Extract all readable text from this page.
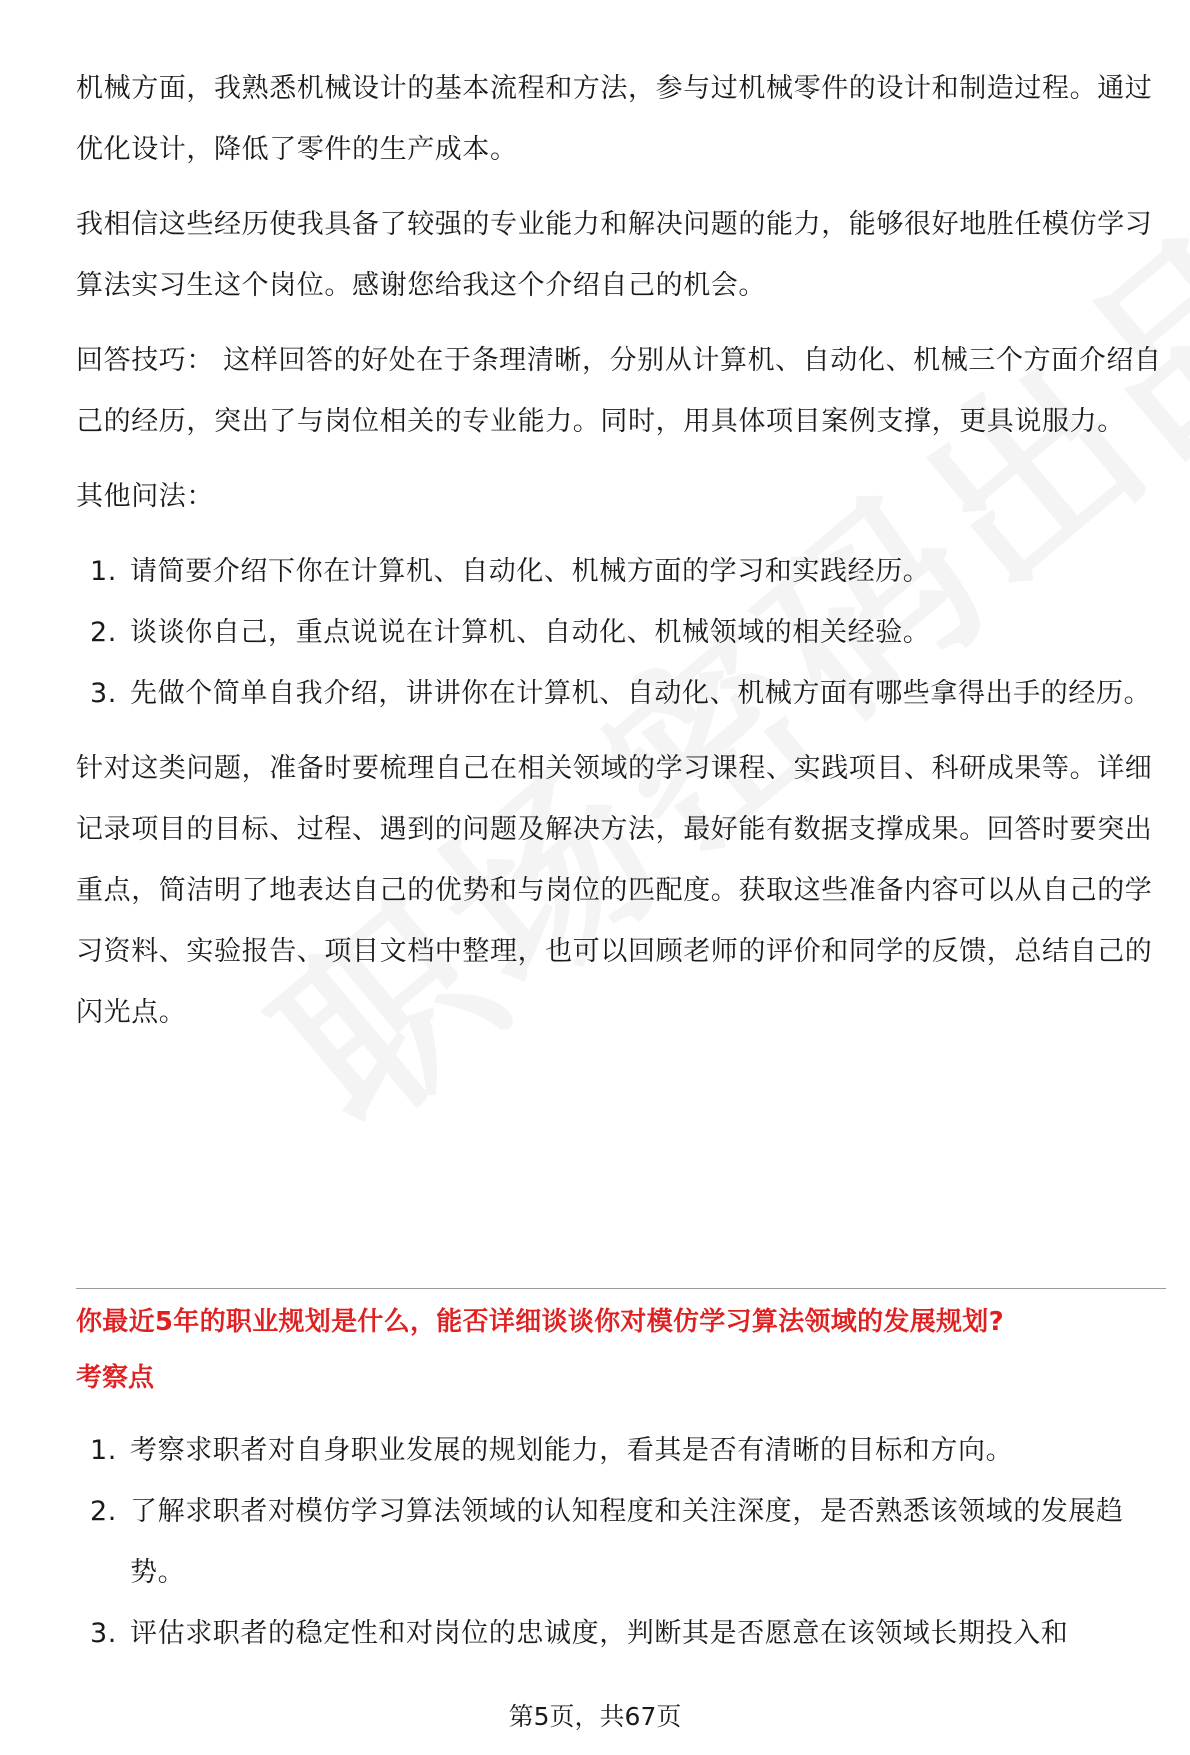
机械方面，我熟悉机械设计的基本流程和方法，参与过机械零件的设计和制造过程。通过优化设计，降低了零件的生产成本。

我相信这些经历使我具备了较强的专业能力和解决问题的能力，能够很好地胜任模仿学习算法实习生这个岗位。感谢您给我这个介绍自己的机会。

回答技巧： 这样回答的好处在于条理清晰，分别从计算机、自动化、机械三个方面介绍自己的经历，突出了与岗位相关的专业能力。同时，用具体项目案例支撑，更具说服力。

其他问法：

1. 请简要介绍下你在计算机、自动化、机械方面的学习和实践经历。
2. 谈谈你自己，重点说说在计算机、自动化、机械领域的相关经验。
3. 先做个简单自我介绍，讲讲你在计算机、自动化、机械方面有哪些拿得出手的经历。

针对这类问题，准备时要梳理自己在相关领域的学习课程、实践项目、科研成果等。详细记录项目的目标、过程、遇到的问题及解决方法，最好能有数据支撑成果。回答时要突出重点，简洁明了地表达自己的优势和与岗位的匹配度。获取这些准备内容可以从自己的学习资料、实验报告、项目文档中整理，也可以回顾老师的评价和同学的反馈，总结自己的闪光点。

你最近5年的职业规划是什么，能否详细谈谈你对模仿学习算法领域的发展规划?

考察点

1. 考察求职者对自身职业发展的规划能力，看其是否有清晰的目标和方向。
2. 了解求职者对模仿学习算法领域的认知程度和关注深度，是否熟悉该领域的发展趋势。
3. 评估求职者的稳定性和对岗位的忠诚度，判断其是否愿意在该领域长期投入和
第5页，共67页
